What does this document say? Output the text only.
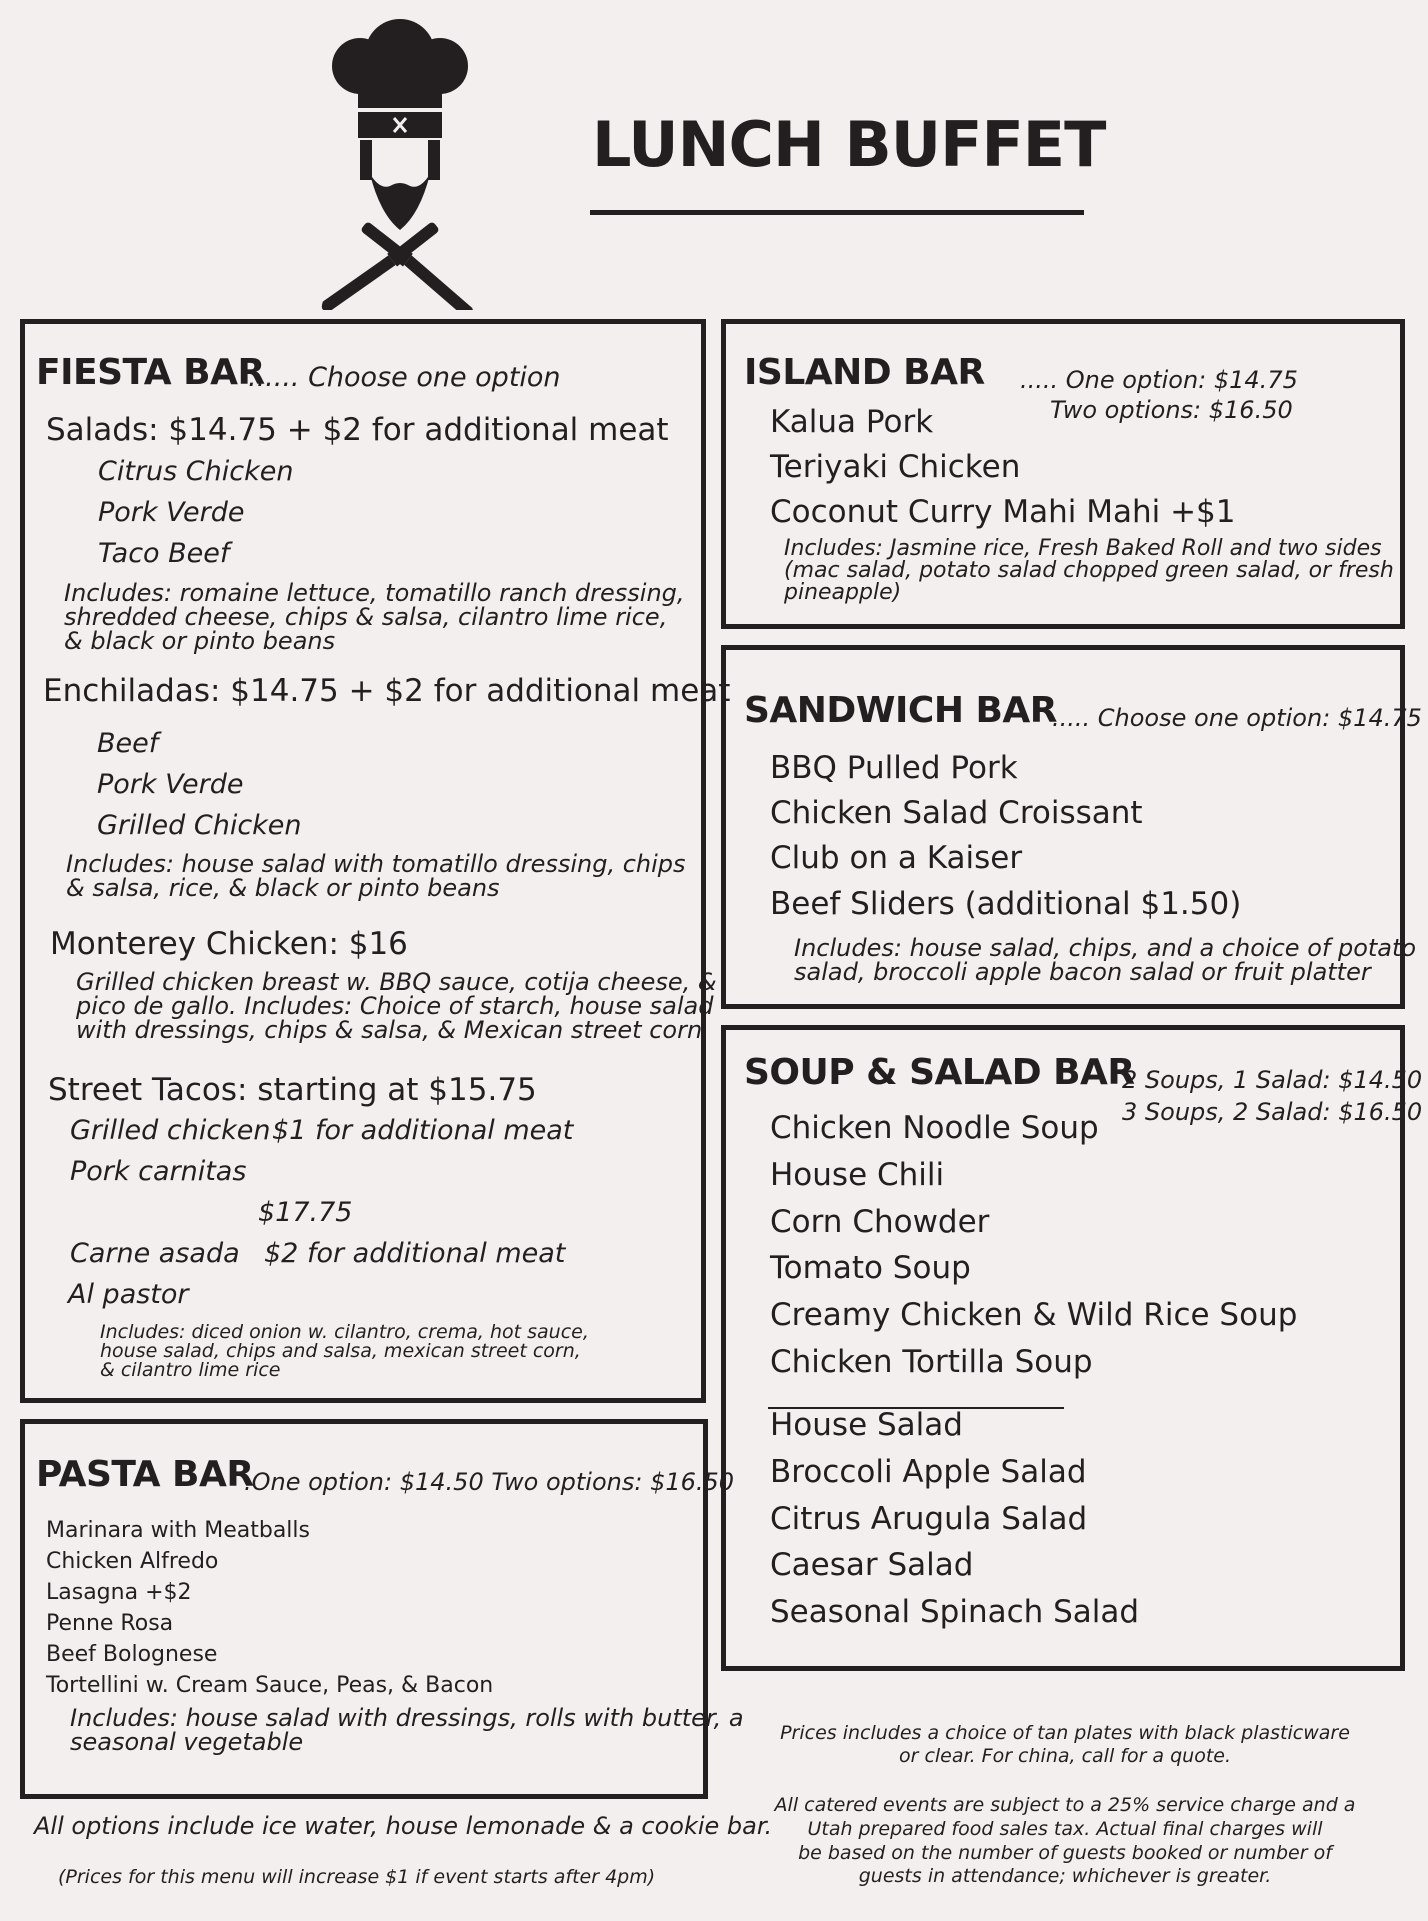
LUNCH BUFFET
FIESTA BAR
...... Choose one option
Salads: $14.75 + $2 for additional meat
Citrus Chicken
Pork Verde
Taco Beef
Includes: romaine lettuce, tomatillo ranch dressing,
shredded cheese, chips & salsa, cilantro lime rice,
& black or pinto beans
Enchiladas: $14.75 + $2 for additional meat
Beef
Pork Verde
Grilled Chicken
Includes: house salad with tomatillo dressing, chips
& salsa, rice, & black or pinto beans
Monterey Chicken: $16
Grilled chicken breast w. BBQ sauce, cotija cheese, &
pico de gallo. Includes: Choice of starch, house salad
with dressings, chips & salsa, & Mexican street corn
Street Tacos: starting at $15.75
Grilled chicken $1 for additional meat
Pork carnitas
$17.75
Carne asada $2 for additional meat
Al pastor
Includes: diced onion w. cilantro, crema, hot sauce,
house salad, chips and salsa, mexican street corn,
& cilantro lime rice
PASTA BAR
.One option: $14.50 Two options: $16.50
Marinara with Meatballs
Chicken Alfredo
Lasagna +$2
Penne Rosa
Beef Bolognese
Tortellini w. Cream Sauce, Peas, & Bacon
Includes: house salad with dressings, rolls with butter, a
seasonal vegetable
All options include ice water, house lemonade & a cookie bar.
(Prices for this menu will increase $1 if event starts after 4pm)
ISLAND BAR ..... One option: $14.75
Two options: $16.50
Kalua Pork
Teriyaki Chicken
Coconut Curry Mahi Mahi +$1
Includes: Jasmine rice, Fresh Baked Roll and two sides
(mac salad, potato salad chopped green salad, or fresh
pineapple)
SANDWICH BAR
..... Choose one option: $14.75
BBQ Pulled Pork
Chicken Salad Croissant
Club on a Kaiser
Beef Sliders (additional $1.50)
Includes: house salad, chips, and a choice of potato
salad, broccoli apple bacon salad or fruit platter
SOUP & SALAD BAR
2 Soups, 1 Salad: $14.50
3 Soups, 2 Salad: $16.50
Chicken Noodle Soup
House Chili
Corn Chowder
Tomato Soup
Creamy Chicken & Wild Rice Soup
Chicken Tortilla Soup
House Salad
Broccoli Apple Salad
Citrus Arugula Salad
Caesar Salad
Seasonal Spinach Salad
Prices includes a choice of tan plates with black plasticware
or clear. For china, call for a quote.
All catered events are subject to a 25% service charge and a
Utah prepared food sales tax. Actual final charges will
be based on the number of guests booked or number of
guests in attendance; whichever is greater.
